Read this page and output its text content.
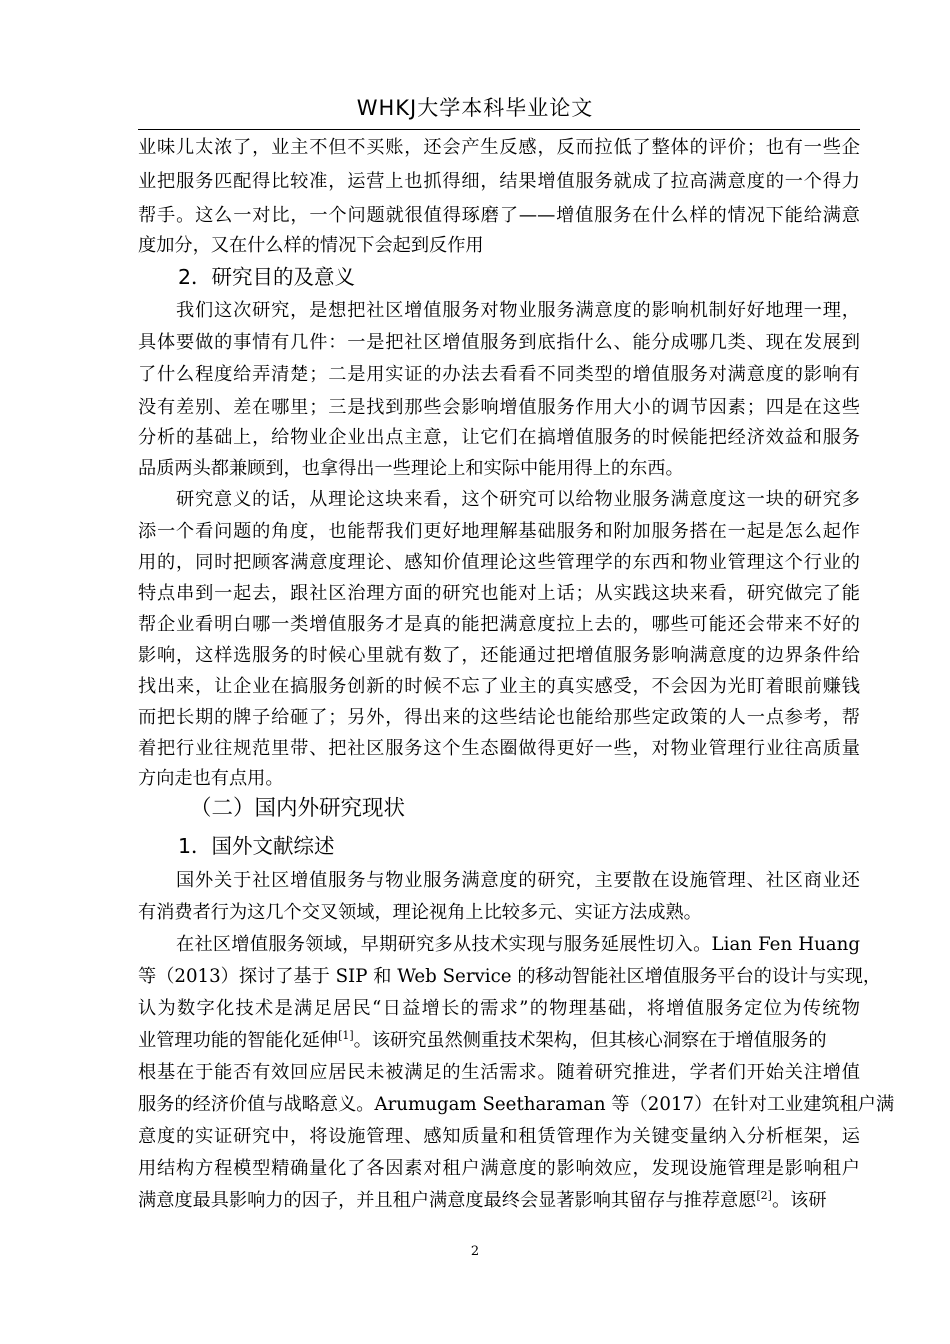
WHKJ大学本科毕业论文
业味儿太浓了，业主不但不买账，还会产生反感，反而拉低了整体的评价；也有一些企
业把服务匹配得比较准，运营上也抓得细，结果增值服务就成了拉高满意度的一个得力
帮手。这么一对比，一个问题就很值得琢磨了——增值服务在什么样的情况下能给满意
度加分，又在什么样的情况下会起到反作用
2．研究目的及意义
我们这次研究，是想把社区增值服务对物业服务满意度的影响机制好好地理一理，
具体要做的事情有几件：一是把社区增值服务到底指什么、能分成哪几类、现在发展到
了什么程度给弄清楚；二是用实证的办法去看看不同类型的增值服务对满意度的影响有
没有差别、差在哪里；三是找到那些会影响增值服务作用大小的调节因素；四是在这些
分析的基础上，给物业企业出点主意，让它们在搞增值服务的时候能把经济效益和服务
品质两头都兼顾到，也拿得出一些理论上和实际中能用得上的东西。
研究意义的话，从理论这块来看，这个研究可以给物业服务满意度这一块的研究多
添一个看问题的角度，也能帮我们更好地理解基础服务和附加服务搭在一起是怎么起作
用的，同时把顾客满意度理论、感知价值理论这些管理学的东西和物业管理这个行业的
特点串到一起去，跟社区治理方面的研究也能对上话；从实践这块来看，研究做完了能
帮企业看明白哪一类增值服务才是真的能把满意度拉上去的，哪些可能还会带来不好的
影响，这样选服务的时候心里就有数了，还能通过把增值服务影响满意度的边界条件给
找出来，让企业在搞服务创新的时候不忘了业主的真实感受，不会因为光盯着眼前赚钱
而把长期的牌子给砸了；另外，得出来的这些结论也能给那些定政策的人一点参考，帮
着把行业往规范里带、把社区服务这个生态圈做得更好一些，对物业管理行业往高质量
方向走也有点用。
（二）国内外研究现状
1．国外文献综述
国外关于社区增值服务与物业服务满意度的研究，主要散在设施管理、社区商业还
有消费者行为这几个交叉领域，理论视角上比较多元、实证方法成熟。
在社区增值服务领域，早期研究多从技术实现与服务延展性切入。Lian Fen Huang
等（2013）探讨了基于 SIP 和 Web Service 的移动智能社区增值服务平台的设计与实现，
认为数字化技术是满足居民“日益增长的需求”的物理基础，将增值服务定位为传统物
业管理功能的智能化延伸[1]。该研究虽然侧重技术架构，但其核心洞察在于增值服务的
根基在于能否有效回应居民未被满足的生活需求。随着研究推进，学者们开始关注增值
服务的经济价值与战略意义。Arumugam Seetharaman 等（2017）在针对工业建筑租户满
意度的实证研究中，将设施管理、感知质量和租赁管理作为关键变量纳入分析框架，运
用结构方程模型精确量化了各因素对租户满意度的影响效应，发现设施管理是影响租户
满意度最具影响力的因子，并且租户满意度最终会显著影响其留存与推荐意愿[2]。该研
2
